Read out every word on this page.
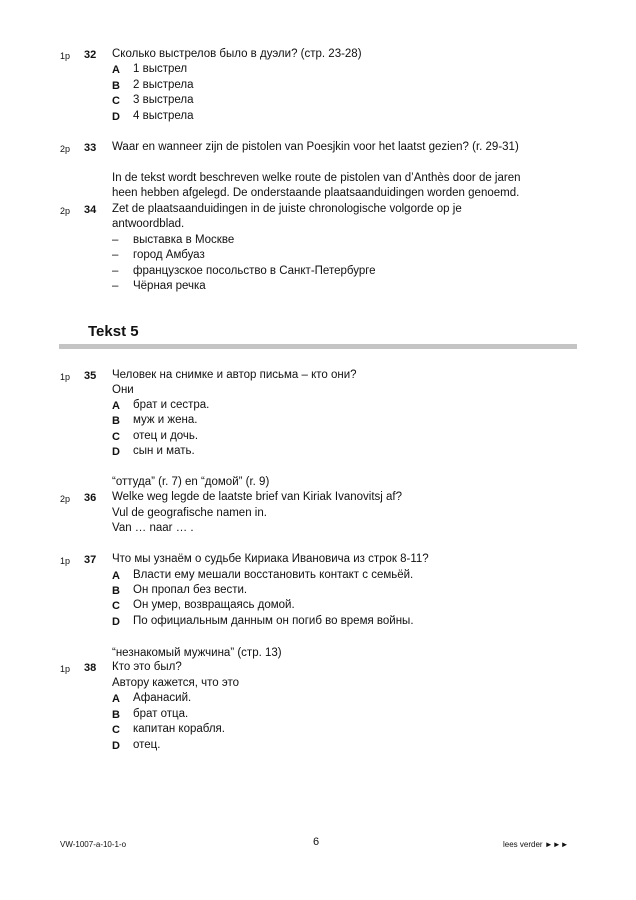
1p 32 Сколько выстрелов было в дуэли? (стр. 23-28)
A 1 выстрел
B 2 выстрела
C 3 выстрела
D 4 выстрела
2p 33 Waar en wanneer zijn de pistolen van Poesjkin voor het laatst gezien? (r. 29-31)
In de tekst wordt beschreven welke route de pistolen van d’Anthès door de jaren
heen hebben afgelegd. De onderstaande plaatsaanduidingen worden genoemd.
2p 34 Zet de plaatsaanduidingen in de juiste chronologische volgorde op je
antwoordblad.
– выставка в Москве
– город Амбуаз
– французское посольство в Санкт-Петербурге
– Чёрная речка
Tekst 5
1p 35 Человек на снимке и автор письма – кто они?
Они
A брат и сестра.
B муж и жена.
C отец и дочь.
D сын и мать.
“оттуда” (r. 7) en “домой” (r. 9)
2p 36 Welke weg legde de laatste brief van Kiriak Ivanovitsj af?
Vul de geografische namen in.
Van … naar … .
1p 37 Что мы узнаём о судьбе Кириака Ивановича из строк 8-11?
A Власти ему мешали восстановить контакт с семьёй.
B Он пропал без вести.
C Он умер, возвращаясь домой.
D По официальным данным он погиб во время войны.
“незнакомый мужчина” (стр. 13)
1p 38 Кто это был?
Автору кажется, что это
A Афанасий.
B брат отца.
C капитан корабля.
D отец.
VW-1007-a-10-1-o	6	lees verder ►►►
